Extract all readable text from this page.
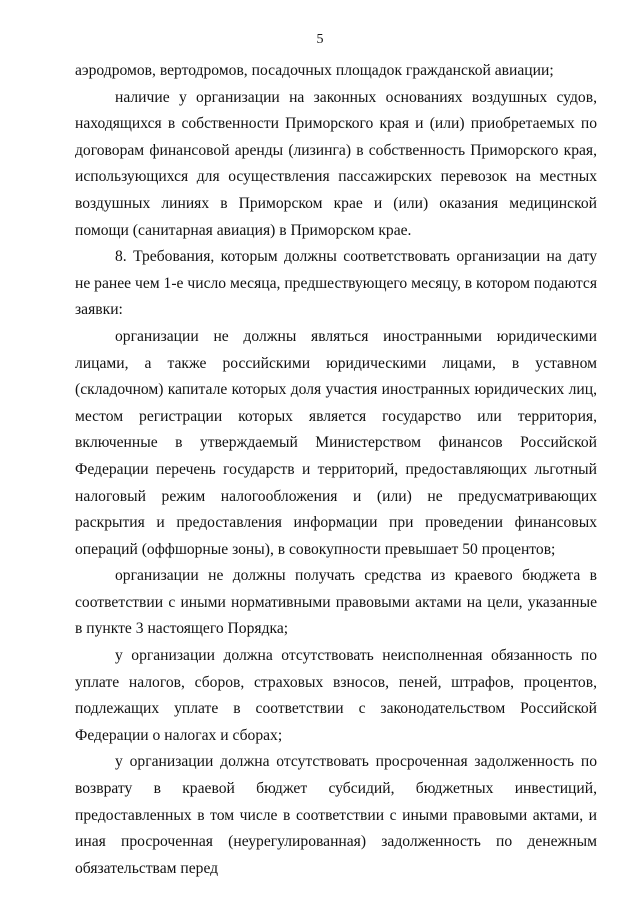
5

аэродромов, вертодромов, посадочных площадок гражданской авиации;

наличие у организации на законных основаниях воздушных судов, находящихся в собственности Приморского края и (или) приобретаемых по договорам финансовой аренды (лизинга) в собственность Приморского края, использующихся для осуществления пассажирских перевозок на местных воздушных линиях в Приморском крае и (или) оказания медицинской помощи (санитарная авиация) в Приморском крае.

8. Требования, которым должны соответствовать организации на дату не ранее чем 1-е число месяца, предшествующего месяцу, в котором подаются заявки:

организации не должны являться иностранными юридическими лицами, а также российскими юридическими лицами, в уставном (складочном) капитале которых доля участия иностранных юридических лиц, местом регистрации которых является государство или территория, включенные в утверждаемый Министерством финансов Российской Федерации перечень государств и территорий, предоставляющих льготный налоговый режим налогообложения и (или) не предусматривающих раскрытия и предоставления информации при проведении финансовых операций (оффшорные зоны), в совокупности превышает 50 процентов;

организации не должны получать средства из краевого бюджета в соответствии с иными нормативными правовыми актами на цели, указанные в пункте 3 настоящего Порядка;

у организации должна отсутствовать неисполненная обязанность по уплате налогов, сборов, страховых взносов, пеней, штрафов, процентов, подлежащих уплате в соответствии с законодательством Российской Федерации о налогах и сборах;

у организации должна отсутствовать просроченная задолженность по возврату в краевой бюджет субсидий, бюджетных инвестиций, предоставленных в том числе в соответствии с иными правовыми актами, и иная просроченная (неурегулированная) задолженность по денежным обязательствам перед
